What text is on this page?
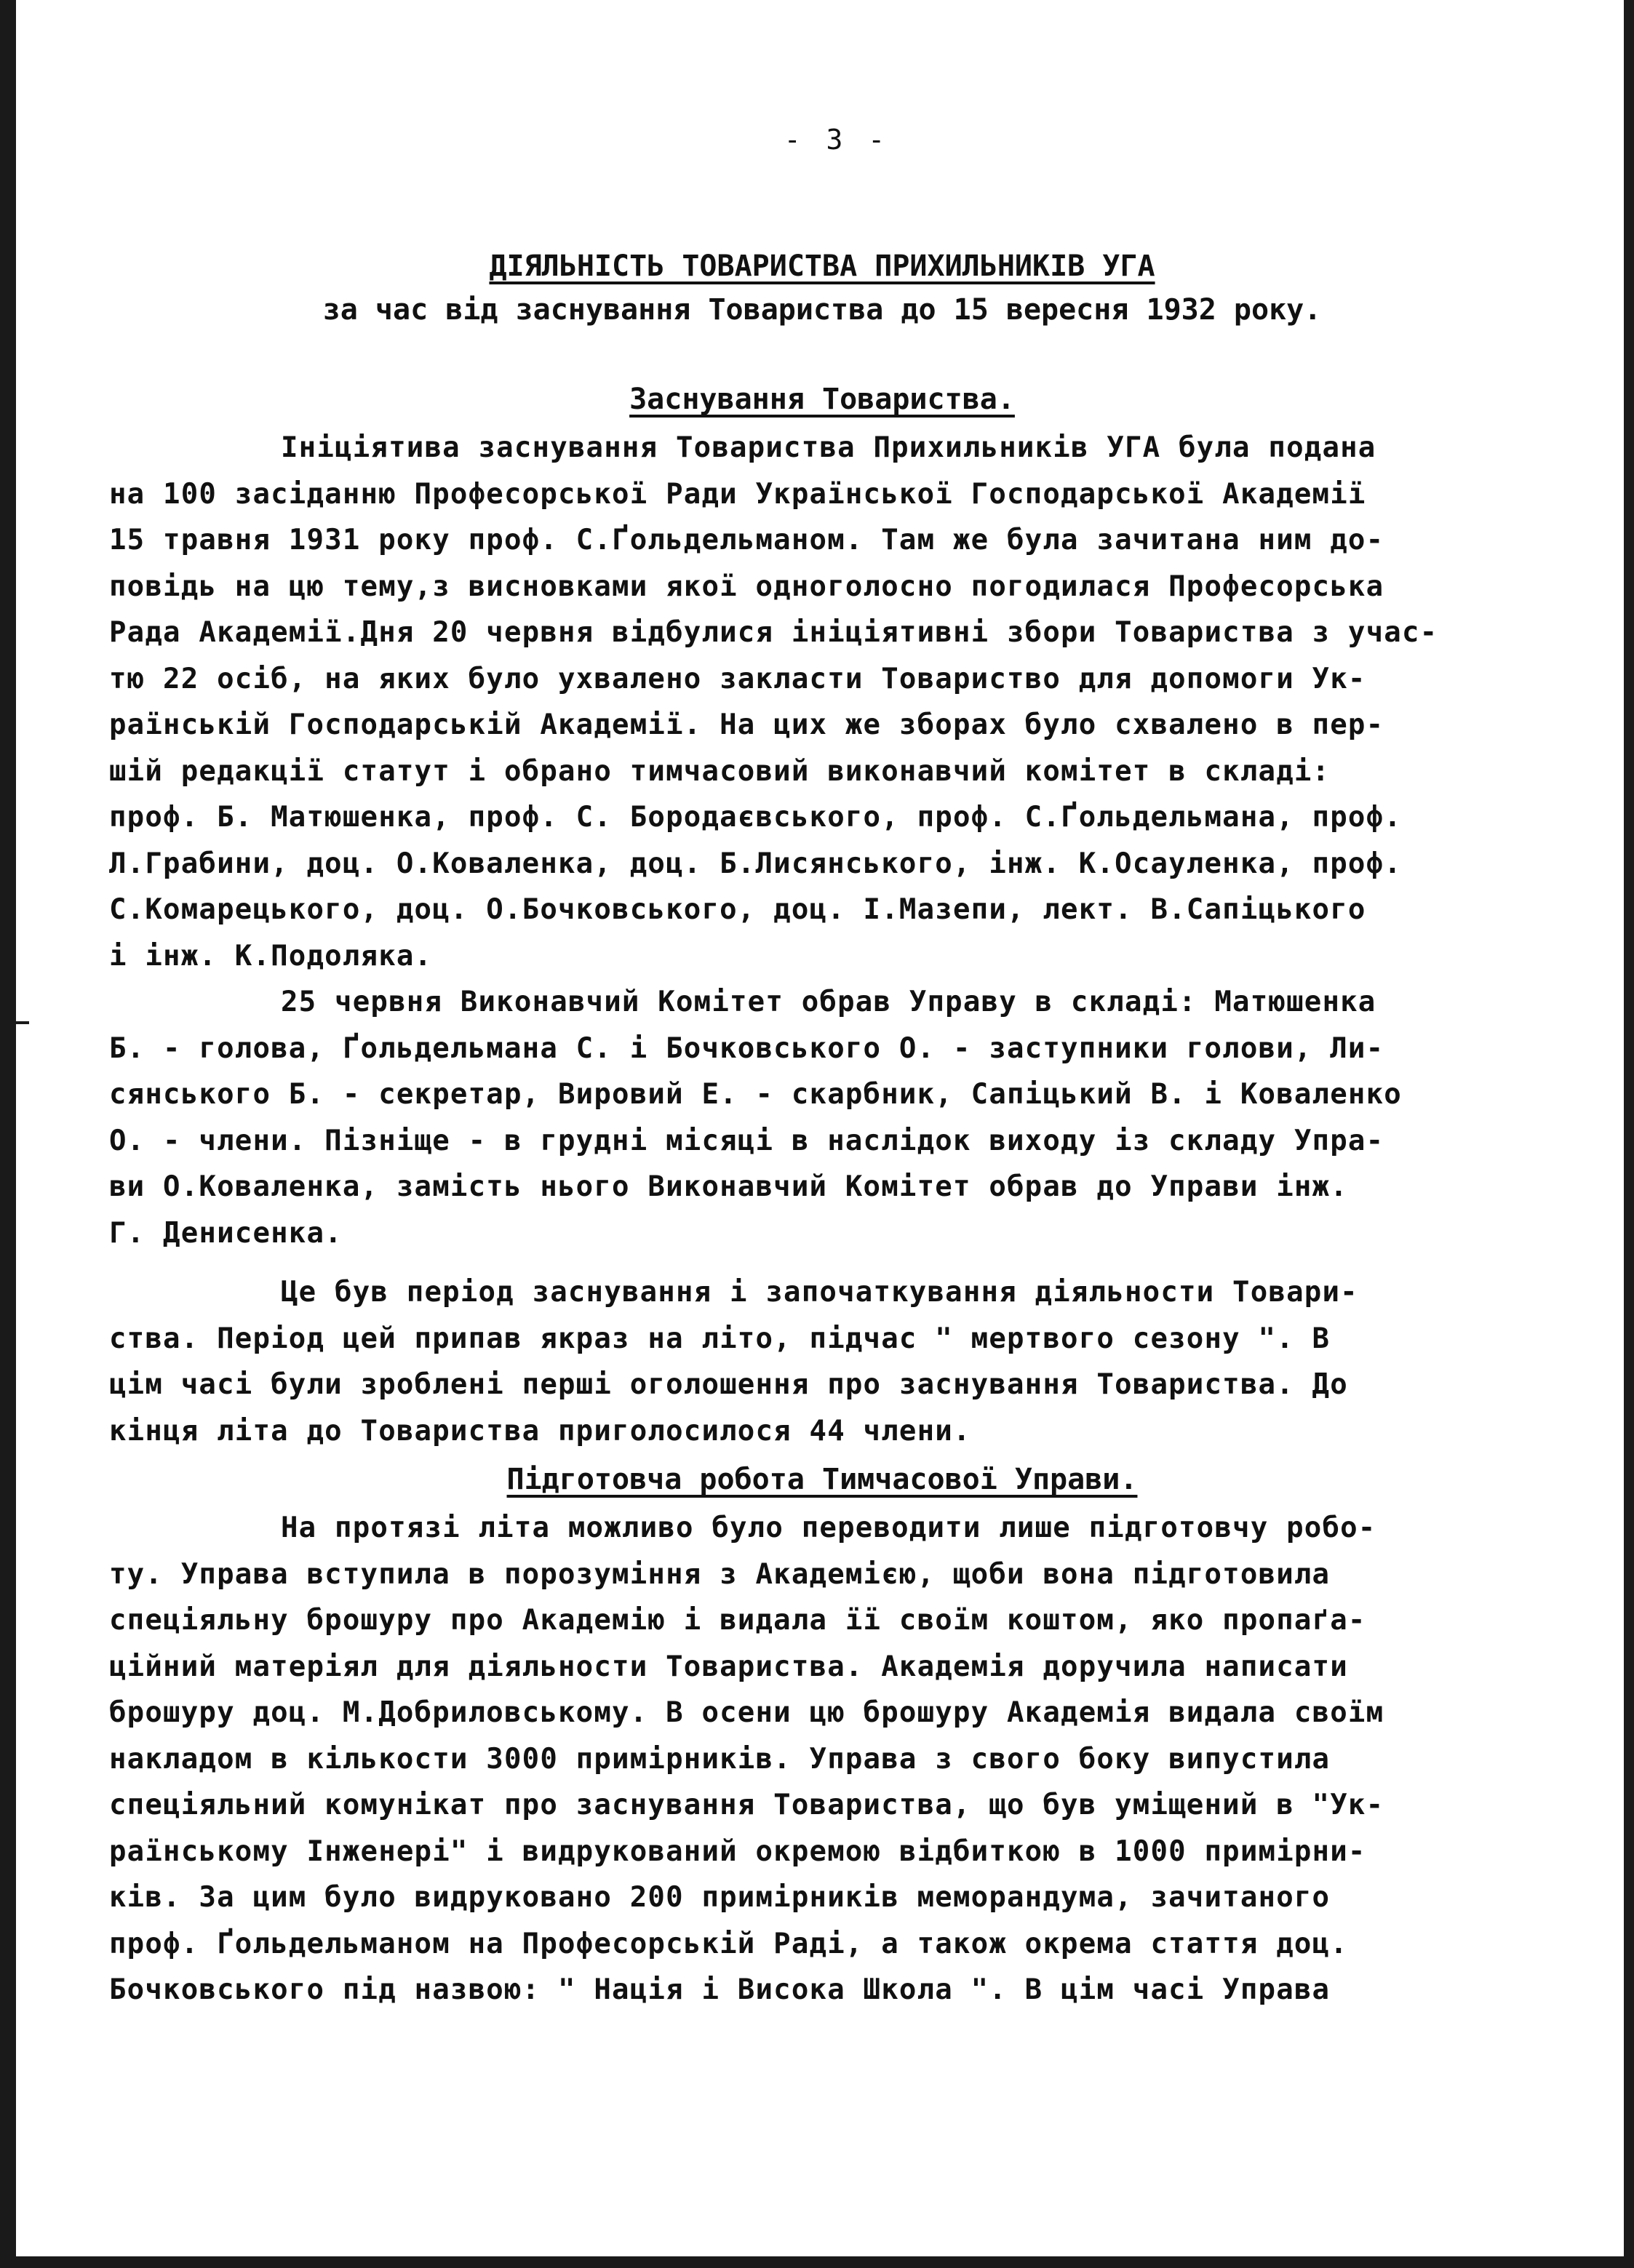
- 3 -
ДІЯЛЬНІСТЬ ТОВАРИСТВА ПРИХИЛЬНИКІВ УГА
за час від заснування Товариства до 15 вересня 1932 року.
Заснування Товариства.
Ініціятива заснування Товариства Прихильників УГА була подана
на 100 засіданню Професорської Ради Української Господарської Академії
15 травня 1931 року проф. С.Ґольдельманом. Там же була зачитана ним до-
повідь на цю тему,з висновками якої одноголосно погодилася Професорська
Рада Академії.Дня 20 червня відбулися ініціятивні збори Товариства з учас-
тю 22 осіб, на яких було ухвалено закласти Товариство для допомоги Ук-
раїнській Господарській Академії. На цих же зборах було схвалено в пер-
шій редакції статут і обрано тимчасовий виконавчий комітет в складі:
проф. Б. Матюшенка, проф. С. Бородаєвського, проф. С.Ґольдельмана, проф.
Л.Грабини, доц. О.Коваленка, доц. Б.Лисянського, інж. К.Осауленка, проф.
С.Комарецького, доц. О.Бочковського, доц. І.Мазепи, лект. В.Сапіцького
і інж. К.Подоляка.
25 червня Виконавчий Комітет обрав Управу в складі: Матюшенка
Б. - голова, Ґольдельмана С. і Бочковського О. - заступники голови, Ли-
сянського Б. - секретар, Вировий Е. - скарбник, Сапіцький В. і Коваленко
О. - члени. Пізніще - в грудні місяці в наслідок виходу із складу Упра-
ви О.Коваленка, замість нього Виконавчий Комітет обрав до Управи інж.
Г. Денисенка.
Це був період заснування і започаткування діяльности Товари-
ства. Період цей припав якраз на літо, підчас " мертвого сезону ". В
цім часі були зроблені перші оголошення про заснування Товариства. До
кінця літа до Товариства приголосилося 44 члени.
Підготовча робота Тимчасової Управи.
На протязі літа можливо було переводити лише підготовчу робо-
ту. Управа вступила в порозуміння з Академією, щоби вона підготовила
спеціяльну брошуру про Академію і видала її своїм коштом, яко пропаґа-
ційний матеріял для діяльности Товариства. Академія доручила написати
брошуру доц. М.Добриловському. В осени цю брошуру Академія видала своїм
накладом в кількости 3000 примірників. Управа з свого боку випустила
спеціяльний комунікат про заснування Товариства, що був уміщений в "Ук-
раїнському Інженері" і видрукований окремою відбиткою в 1000 примірни-
ків. За цим було видруковано 200 примірників меморандума, зачитаного
проф. Ґольдельманом на Професорській Раді, а також окрема стаття доц.
Бочковського під назвою: " Нація і Висока Школа ". В цім часі Управа
